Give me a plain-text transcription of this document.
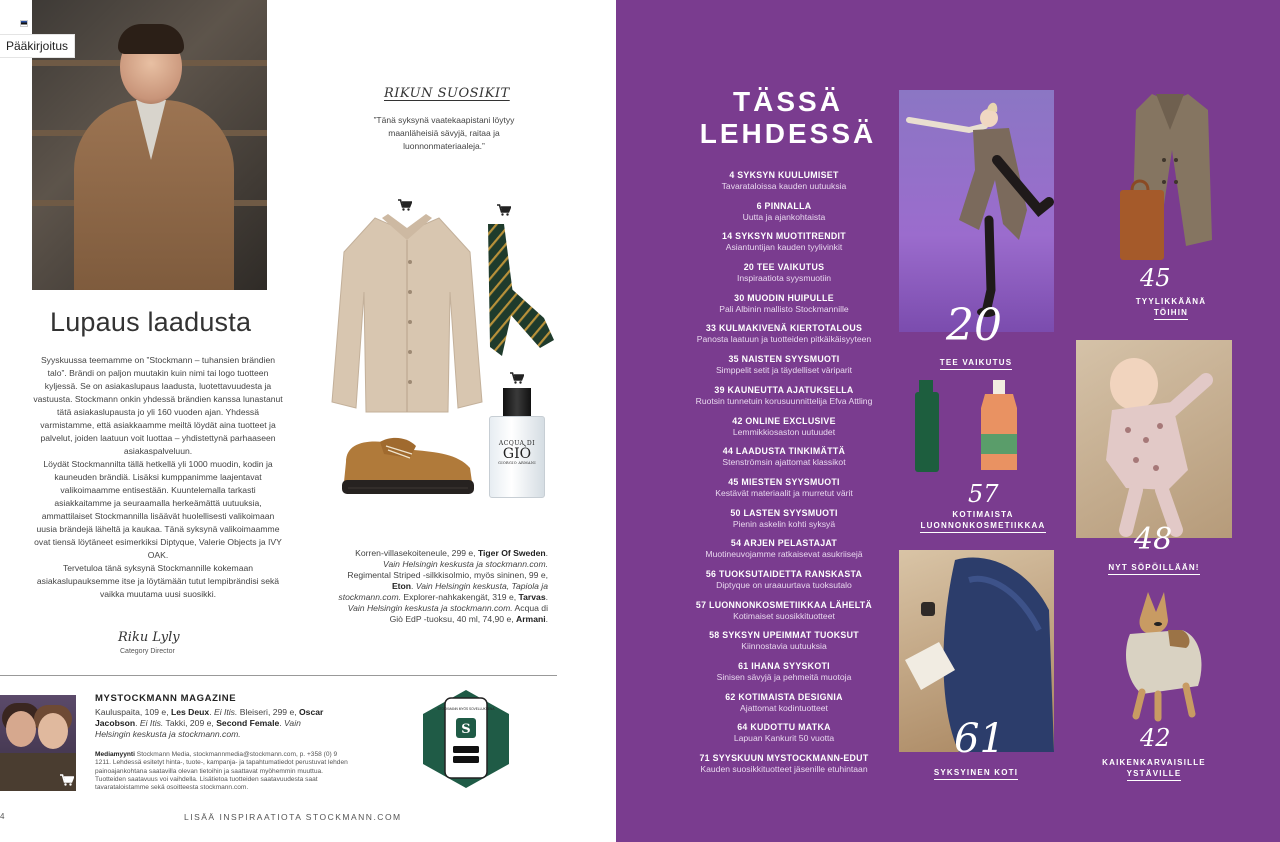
Pääkirjoitus
Lupaus laadusta

Syyskuussa teemamme on ”Stockmann – tuhansien brändien talo”. Brändi on paljon muutakin kuin nimi tai logo tuotteen kyljessä. Se on asiakaslupaus laadusta, luotettavuudesta ja vastuusta. Stockmann onkin yhdessä brändien kanssa lunastanut tätä asiakaslupausta jo yli 160 vuoden ajan. Yhdessä varmistamme, että asiakkaamme meiltä löydät aina tuotteet ja palvelut, joiden laatuun voit luottaa – yhdistettynä parhaaseen asiakaspalveluun.

Löydät Stockmannilta tällä hetkellä yli 1000 muodin, kodin ja kauneuden brändiä. Lisäksi kumppanimme laajentavat valikoimaamme entisestään. Kuuntelemalla tarkasti asiakkaitamme ja seuraamalla herkeämättä uutuuksia, ammattilaiset Stockmannilla lisäävät huolellisesti valikoimaan uusia brändejä läheltä ja kaukaa. Tänä syksynä valikoimaamme ovat tiensä löytäneet esimerkiksi Diptyque, Valerie Objects ja IVY OAK.

Tervetuloa tänä syksynä Stockmannille kokemaan asiakaslupauksemme itse ja löytämään tutut lempibrändisi sekä vaikka muutama uusi suosikki.

Riku Lyly
Category Director
RIKUN SUOSIKIT
”Tänä syksynä vaatekaapistani löytyy maanläheisiä sävyjä, raitaa ja luonnonmateriaaleja.”
ACQUA DI
GIÒ
GIORGIO ARMANI
Korren-villasekoiteneule, 299 e, Tiger Of Sweden. Vain Helsingin keskusta ja stockmann.com. Regimental Striped -silkkisolmio, myös sininen, 99 e, Eton. Vain Helsingin keskusta, Tapiola ja stockmann.com. Explorer-nahkakengät, 319 e, Tarvas. Vain Helsingin keskusta ja stockmann.com. Acqua di Giò EdP -tuoksu, 40 ml, 74,90 e, Armani.
MYSTOCKMANN MAGAZINE
Kauluspaita, 109 e, Les Deux. Ei Itis. Bleiseri, 299 e, Oscar Jacobson. Ei Itis. Takki, 209 e, Second Female. Vain Helsingin keskusta ja stockmann.com.
Mediamyynti Stockmann Media, stockmannmedia@stockmann.com, p. +358 (0) 9 1211. Lehdessä esitetyt hinta-, tuote-, kampanja- ja tapahtumatiedot perustuvat lehden painoajankohtana saatavilla olevan tietoihin ja saattavat myöhemmin muuttua. Tuotteiden saatavuus voi vaihdella. Lisätietoa tuotteiden saatavuudesta saat tavarataloistamme sekä osoitteesta stockmann.com.
STOCKMANN MYÖS SOVELLUKSENA
S
4	LISÄÄ INSPIRAATIOTA STOCKMANN.COM
TÄSSÄ
LEHDESSÄ
4 SYKSYN KUULUMISET
Tavarataloissa kauden uutuuksia
6 PINNALLA
Uutta ja ajankohtaista
14 SYKSYN MUOTITRENDIT
Asiantuntijan kauden tyylivinkit
20 TEE VAIKUTUS
Inspiraatiota syysmuotiin
30 MUODIN HUIPULLE
Pali Albinin mallisto Stockmannille
33 KULMAKIVENÄ KIERTOTALOUS
Panosta laatuun ja tuotteiden pitkäikäisyyteen
35 NAISTEN SYYSMUOTI
Simppelit setit ja täydelliset väriparit
39 KAUNEUTTA AJATUKSELLA
Ruotsin tunnetuin korusuunnittelija Efva Attling
42 ONLINE EXCLUSIVE
Lemmikkiosaston uutuudet
44 LAADUSTA TINKIMÄTTÄ
Stenströmsin ajattomat klassikot
45 MIESTEN SYYSMUOTI
Kestävät materiaalit ja murretut värit
50 LASTEN SYYSMUOTI
Pienin askelin kohti syksyä
54 ARJEN PELASTAJAT
Muotineuvojamme ratkaisevat asukriisejä
56 TUOKSUTAIDETTA RANSKASTA
Diptyque on uraauurtava tuoksutalo
57 LUONNONKOSMETIIKKAA LÄHELTÄ
Kotimaiset suosikkituotteet
58 SYKSYN UPEIMMAT TUOKSUT
Kiinnostavia uutuuksia
61 IHANA SYYSKOTI
Sinisen sävyjä ja pehmeitä muotoja
62 KOTIMAISTA DESIGNIA
Ajattomat kodintuotteet
64 KUDOTTU MATKA
Lapuan Kankurit 50 vuotta
71 SYYSKUUN MYSTOCKMANN-EDUT
Kauden suosikkituotteet jäsenille etuhintaan
20
TEE VAIKUTUS
45
TYYLIKKÄÄNÄ
TÖIHIN
57
KOTIMAISTA
LUONNONKOSMETIIKKAA	48
NYT SÖPÖILLÄÄN!
61
SYKSYINEN KOTI
42
KAIKENKARVAISILLE
YSTÄVILLE
